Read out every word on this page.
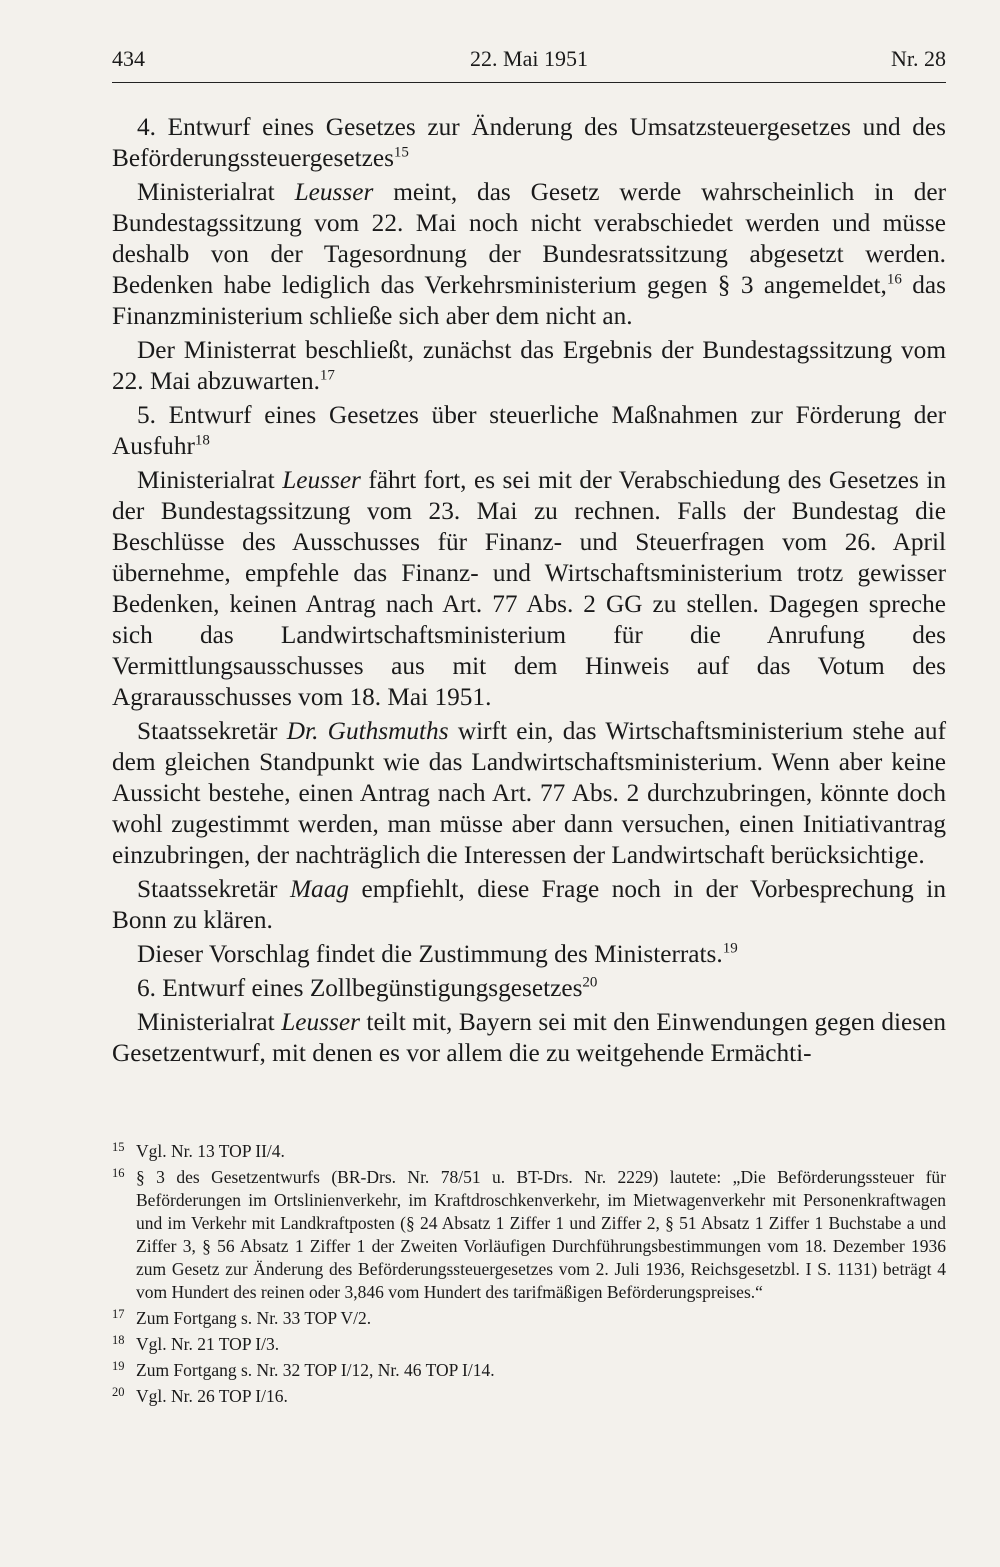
434	22. Mai 1951	Nr. 28

4. Entwurf eines Gesetzes zur Änderung des Umsatzsteuergesetzes und des Beförderungssteuergesetzes$^{15}$

Ministerialrat Leusser meint, das Gesetz werde wahrscheinlich in der Bundestagssitzung vom 22. Mai noch nicht verabschiedet werden und müsse deshalb von der Tagesordnung der Bundesratssitzung abgesetzt werden. Bedenken habe lediglich das Verkehrsministerium gegen § 3 angemeldet,$^{16}$ das Finanzministerium schließe sich aber dem nicht an.

Der Ministerrat beschließt, zunächst das Ergebnis der Bundestagssitzung vom 22. Mai abzuwarten.$^{17}$

5. Entwurf eines Gesetzes über steuerliche Maßnahmen zur Förderung der Ausfuhr$^{18}$

Ministerialrat Leusser fährt fort, es sei mit der Verabschiedung des Gesetzes in der Bundestagssitzung vom 23. Mai zu rechnen. Falls der Bundestag die Beschlüsse des Ausschusses für Finanz- und Steuerfragen vom 26. April übernehme, empfehle das Finanz- und Wirtschaftsministerium trotz gewisser Bedenken, keinen Antrag nach Art. 77 Abs. 2 GG zu stellen. Dagegen spreche sich das Landwirtschaftsministerium für die Anrufung des Vermittlungsausschusses aus mit dem Hinweis auf das Votum des Agrarausschusses vom 18. Mai 1951.

Staatssekretär Dr. Guthsmuths wirft ein, das Wirtschaftsministerium stehe auf dem gleichen Standpunkt wie das Landwirtschaftsministerium. Wenn aber keine Aussicht bestehe, einen Antrag nach Art. 77 Abs. 2 durchzubringen, könnte doch wohl zugestimmt werden, man müsse aber dann versuchen, einen Initiativantrag einzubringen, der nachträglich die Interessen der Landwirtschaft berücksichtige.

Staatssekretär Maag empfiehlt, diese Frage noch in der Vorbesprechung in Bonn zu klären.

Dieser Vorschlag findet die Zustimmung des Ministerrats.$^{19}$

6. Entwurf eines Zollbegünstigungsgesetzes$^{20}$

Ministerialrat Leusser teilt mit, Bayern sei mit den Einwendungen gegen diesen Gesetzentwurf, mit denen es vor allem die zu weitgehende Ermächti-

15 Vgl. Nr. 13 TOP II/4.
16 § 3 des Gesetzentwurfs (BR-Drs. Nr. 78/51 u. BT-Drs. Nr. 2229) lautete: „Die Beförderungssteuer für Beförderungen im Ortslinienverkehr, im Kraftdroschkenverkehr, im Mietwagenverkehr mit Personenkraftwagen und im Verkehr mit Landkraftposten (§ 24 Absatz 1 Ziffer 1 und Ziffer 2, § 51 Absatz 1 Ziffer 1 Buchstabe a und Ziffer 3, § 56 Absatz 1 Ziffer 1 der Zweiten Vorläufigen Durchführungsbestimmungen vom 18. Dezember 1936 zum Gesetz zur Änderung des Beförderungssteuergesetzes vom 2. Juli 1936, Reichsgesetzbl. I S. 1131) beträgt 4 vom Hundert des reinen oder 3,846 vom Hundert des tarifmäßigen Beförderungspreises.“
17 Zum Fortgang s. Nr. 33 TOP V/2.
18 Vgl. Nr. 21 TOP I/3.
19 Zum Fortgang s. Nr. 32 TOP I/12, Nr. 46 TOP I/14.
20 Vgl. Nr. 26 TOP I/16.
